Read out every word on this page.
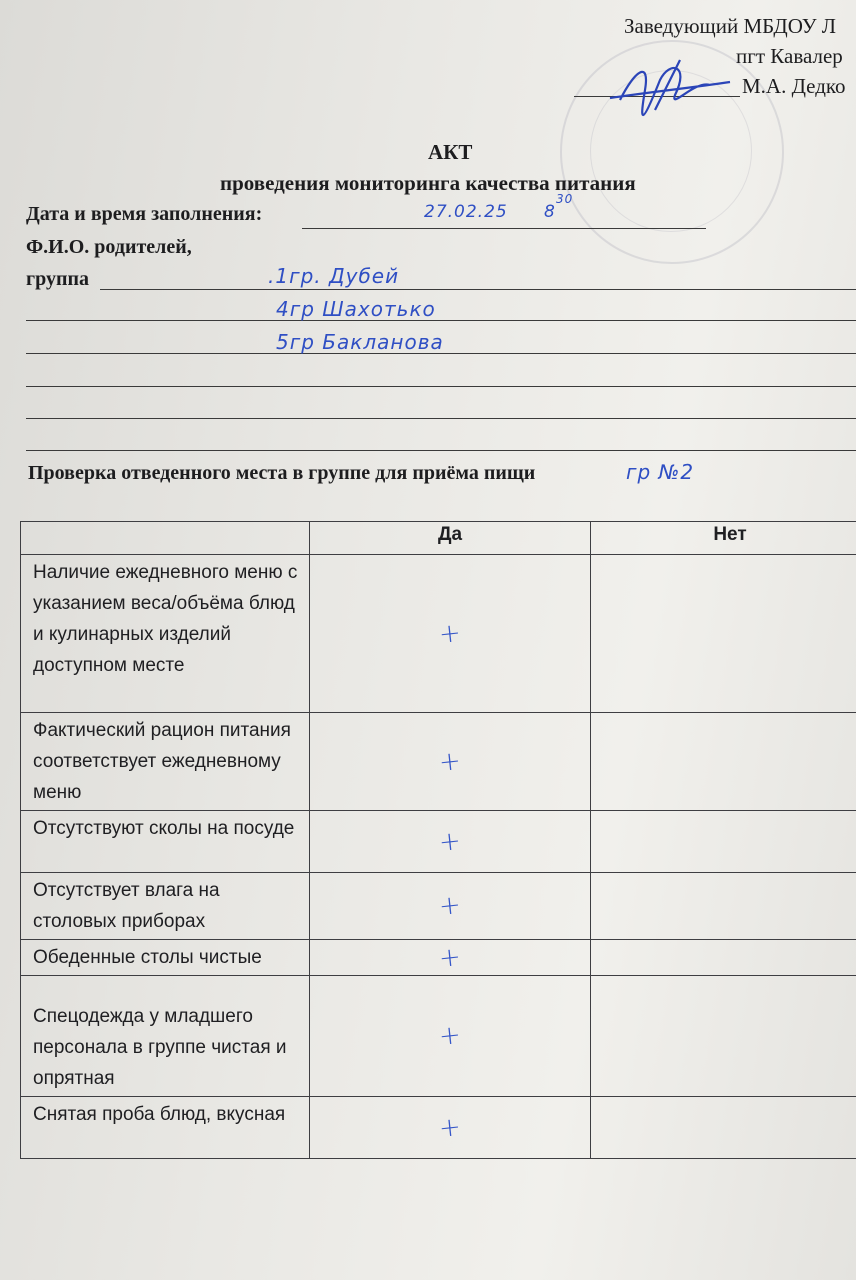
Заведующий МБДОУ Л
пгт Кавалер
М.А. Дедко
АКТ
проведения мониторинга качества питания
Дата и время заполнения:	27.02.25 8
30
Ф.И.О. родителей,
группа	.1гр. Дубей
4гр Шахотько
5гр Бакланова
Проверка отведенного места в группе для приёма пищи	гр №2
	Да	Нет
Наличие ежедневного меню с указанием веса/объёма блюд и кулинарных изделий доступном месте	+	
Фактический рацион питания соответствует ежедневному меню	+	
Отсутствуют сколы на посуде	+	
Отсутствует влага на столовых приборах	+	
Обеденные столы чистые	+	
Спецодежда у младшего персонала в группе чистая и опрятная	+	
Снятая проба блюд, вкусная	+	
